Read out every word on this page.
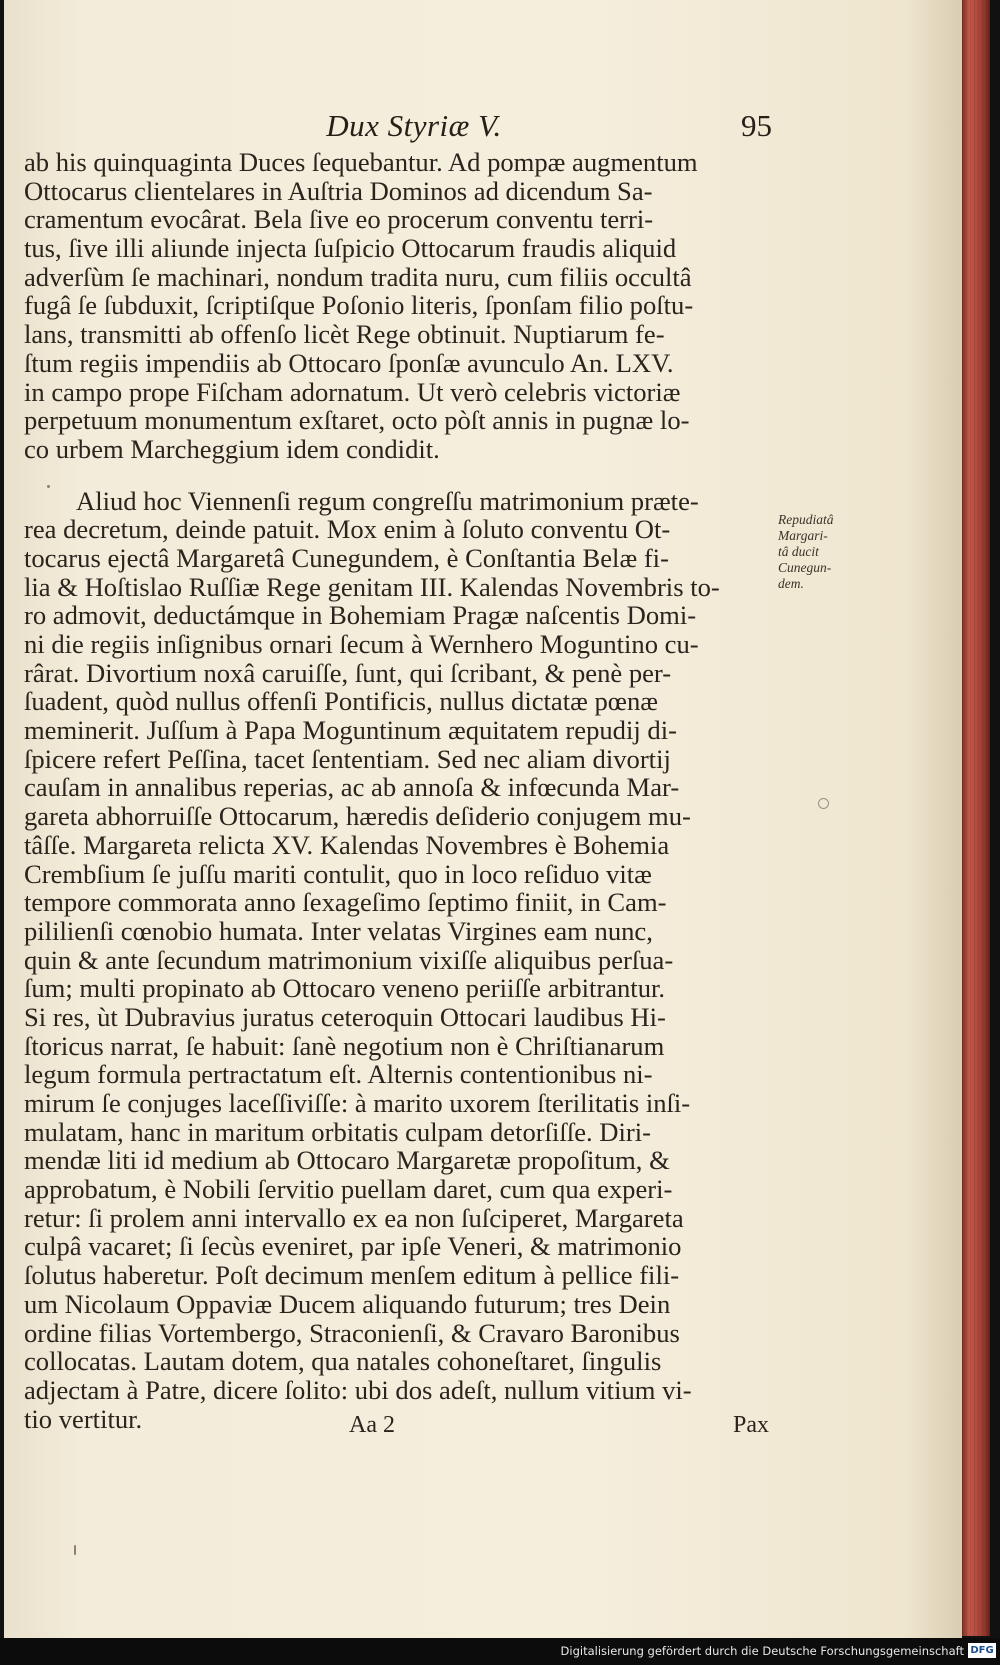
Dux Styriæ V.	95
ab his quinquaginta Duces ſequebantur. Ad pompæ augmentum
Ottocarus clientelares in Auſtria Dominos ad dicendum Sa-
cramentum evocârat. Bela ſive eo procerum conventu terri-
tus, ſive illi aliunde injecta ſuſpicio Ottocarum fraudis aliquid
adverſùm ſe machinari, nondum tradita nuru, cum filiis occultâ
fugâ ſe ſubduxit, ſcriptiſque Poſonio literis, ſponſam filio poſtu-
lans, transmitti ab offenſo licèt Rege obtinuit. Nuptiarum fe-
ſtum regiis impendiis ab Ottocaro ſponſæ avunculo An. LXV.
in campo prope Fiſcham adornatum. Ut verò celebris victoriæ
perpetuum monumentum exſtaret, octo pòſt annis in pugnæ lo-
co urbem Marcheggium idem condidit.
Aliud hoc Viennenſi regum congreſſu matrimonium præte-
rea decretum, deinde patuit. Mox enim à ſoluto conventu Ot-
tocarus ejectâ Margaretâ Cunegundem, è Conſtantia Belæ fi-
lia & Hoſtislao Ruſſiæ Rege genitam III. Kalendas Novembris to-
ro admovit, deductámque in Bohemiam Pragæ naſcentis Domi-
ni die regiis inſignibus ornari ſecum à Wernhero Moguntino cu-
rârat. Divortium noxâ caruiſſe, ſunt, qui ſcribant, & penè per-
ſuadent, quòd nullus offenſi Pontificis, nullus dictatæ pœnæ
meminerit. Juſſum à Papa Moguntinum æquitatem repudij di-
ſpicere refert Peſſina, tacet ſententiam. Sed nec aliam divortij
cauſam in annalibus reperias, ac ab annoſa & infœcunda Mar-
gareta abhorruiſſe Ottocarum, hæredis deſiderio conjugem mu-
tâſſe. Margareta relicta XV. Kalendas Novembres è Bohemia
Crembſium ſe juſſu mariti contulit, quo in loco reſiduo vitæ
tempore commorata anno ſexageſimo ſeptimo finiit, in Cam-
pililienſi cœnobio humata. Inter velatas Virgines eam nunc,
quin & ante ſecundum matrimonium vixiſſe aliquibus perſua-
ſum; multi propinato ab Ottocaro veneno periiſſe arbitrantur.
Si res, ùt Dubravius juratus ceteroquin Ottocari laudibus Hi-
ſtoricus narrat, ſe habuit: ſanè negotium non è Chriſtianarum
legum formula pertractatum eſt. Alternis contentionibus ni-
mirum ſe conjuges laceſſiviſſe: à marito uxorem ſterilitatis inſi-
mulatam, hanc in maritum orbitatis culpam detorſiſſe. Diri-
mendæ liti id medium ab Ottocaro Margaretæ propoſitum, &
approbatum, è Nobili ſervitio puellam daret, cum qua experi-
retur: ſi prolem anni intervallo ex ea non ſuſciperet, Margareta
culpâ vacaret; ſi ſecùs eveniret, par ipſe Veneri, & matrimonio
ſolutus haberetur. Poſt decimum menſem editum à pellice fili-
um Nicolaum Oppaviæ Ducem aliquando futurum; tres Dein
ordine filias Vortembergo, Straconienſi, & Cravaro Baronibus
collocatas. Lautam dotem, qua natales cohoneſtaret, ſingulis
adjectam à Patre, dicere ſolito: ubi dos adeſt, nullum vitium vi-
tio vertitur.
Repudiatâ
Margari-
tâ ducit
Cunegun-
dem.
Aa 2	Pax
Digitalisierung gefördert durch die Deutsche Forschungsgemeinschaft DFG
